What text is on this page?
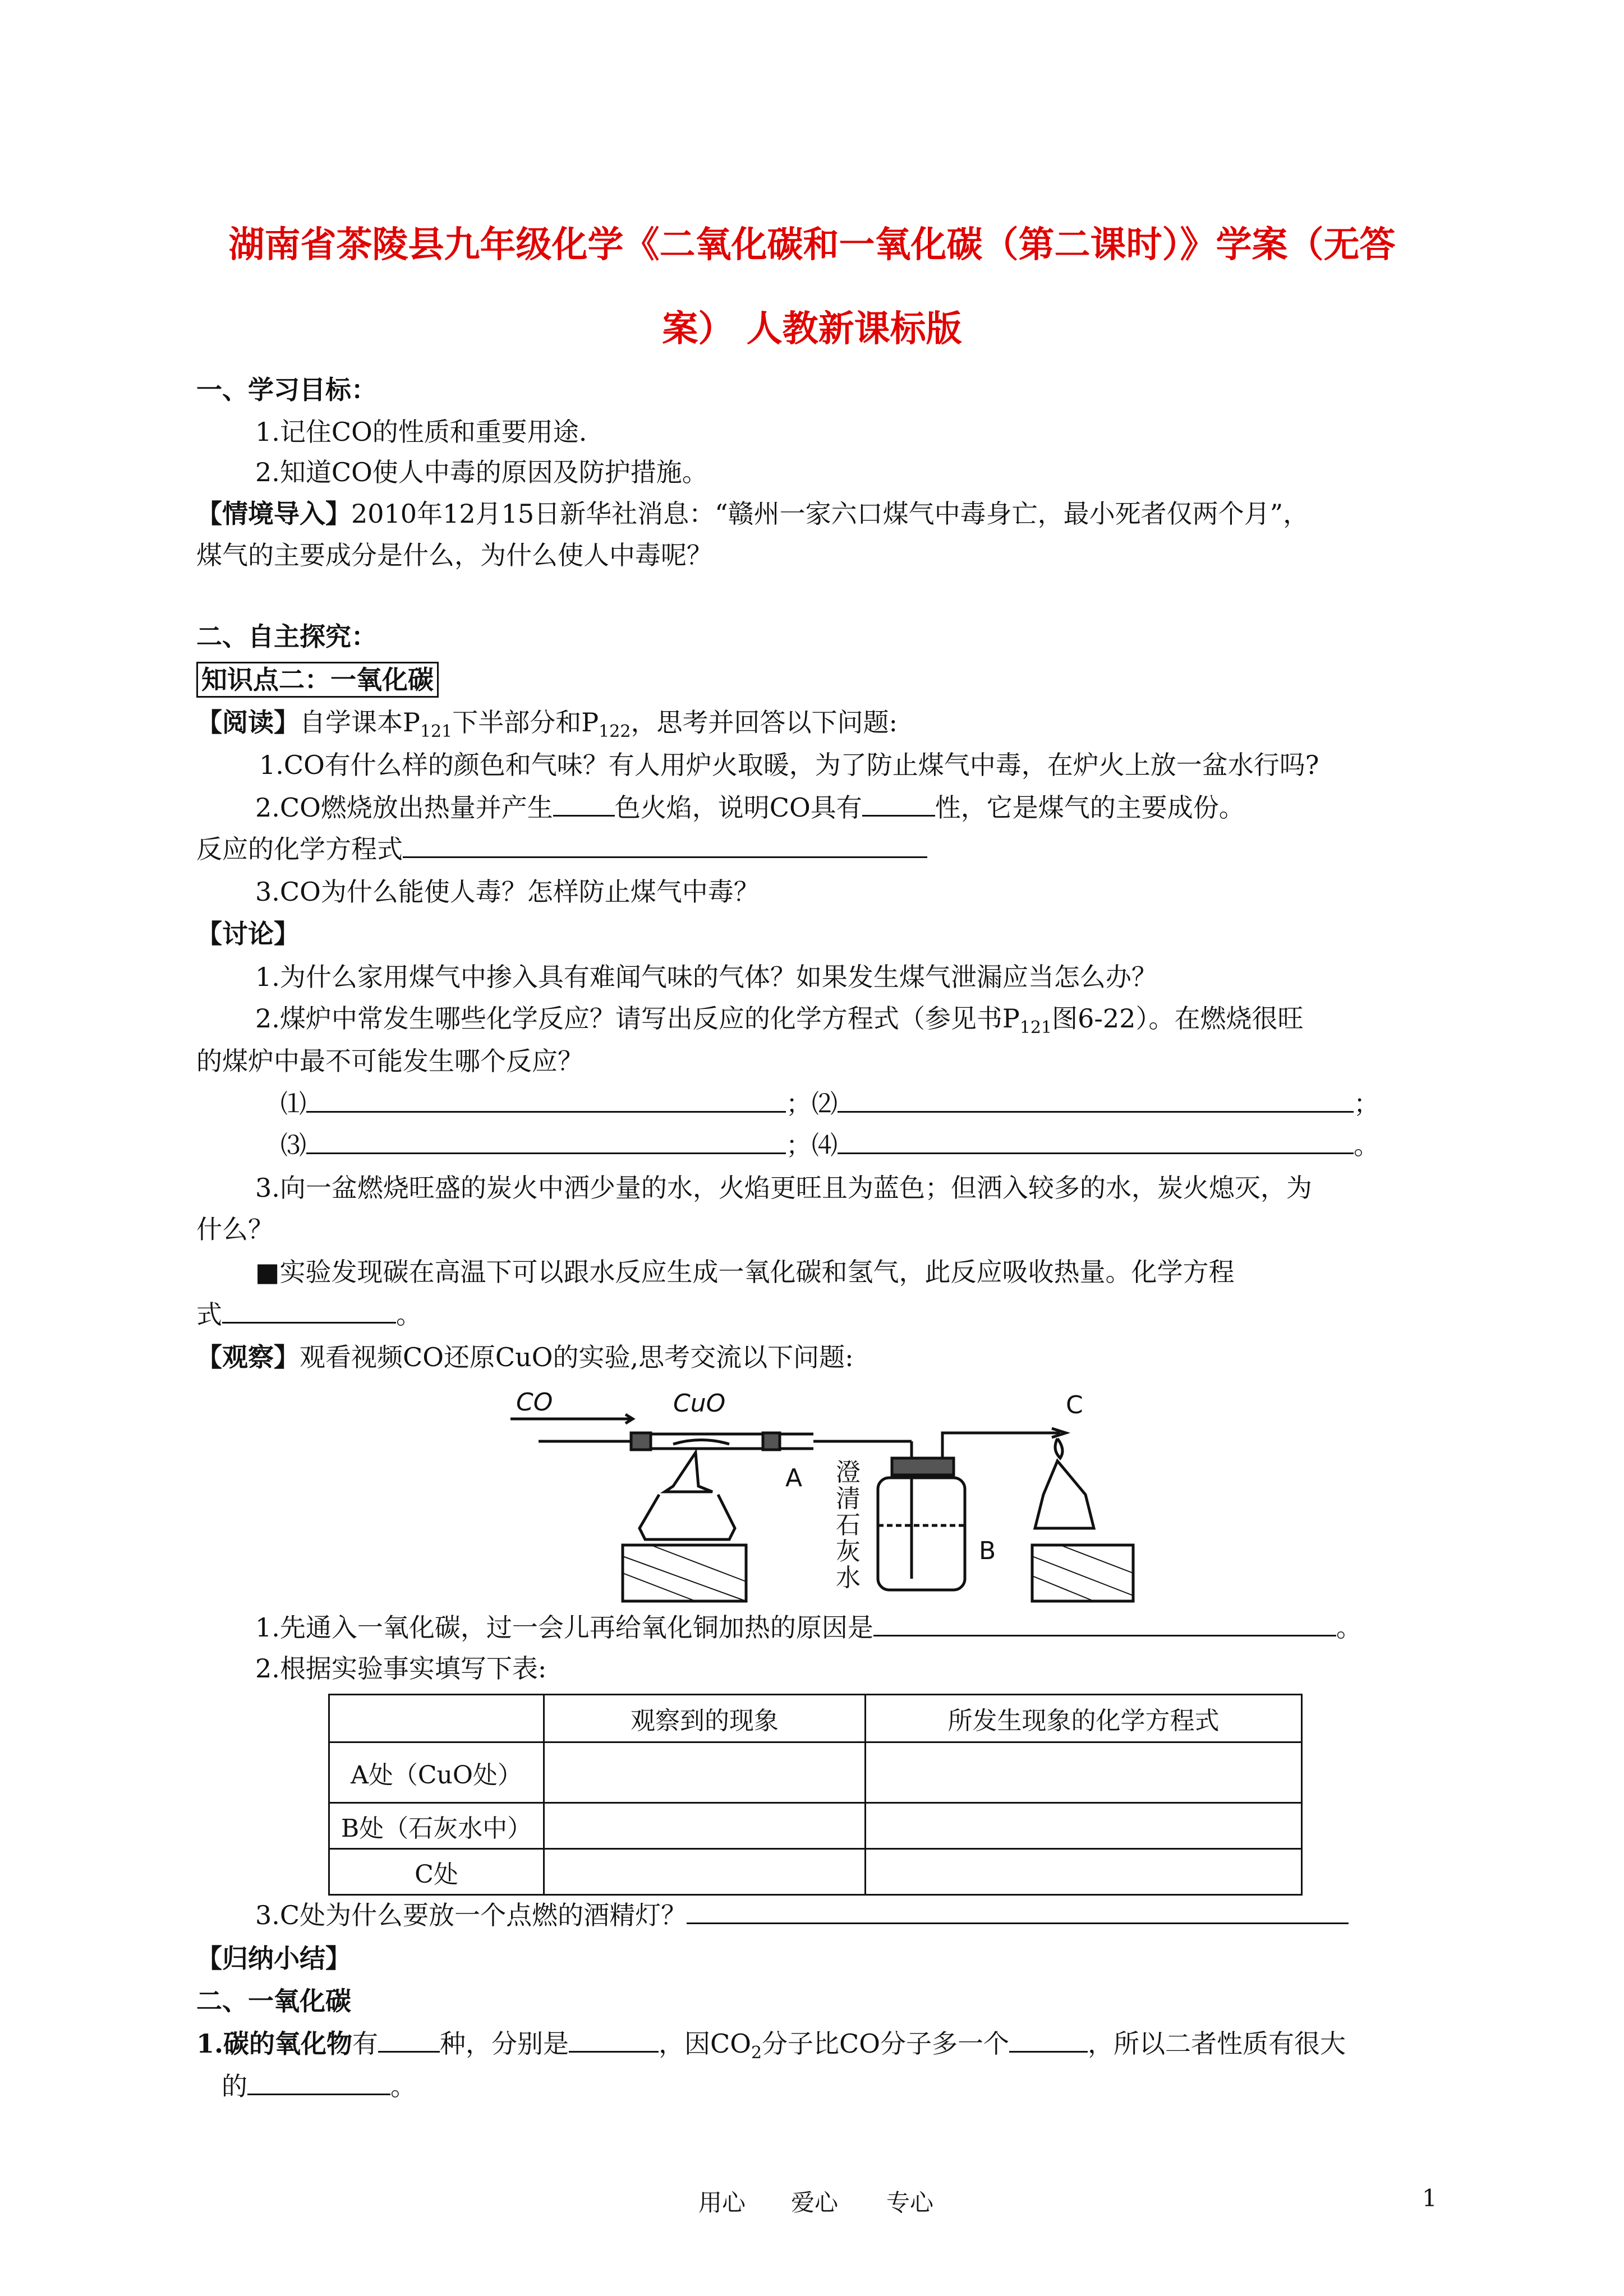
湖南省茶陵县九年级化学《二氧化碳和一氧化碳（第二课时）》学案（无答
案） 人教新课标版
一、学习目标：
1.记住CO的性质和重要用途.
2.知道CO使人中毒的原因及防护措施。
【情境导入】2010年12月15日新华社消息：“赣州一家六口煤气中毒身亡，最小死者仅两个月”，
煤气的主要成分是什么，为什么使人中毒呢？
二、自主探究：
知识点二：一氧化碳
【阅读】自学课本$P_{121}$下半部分和$P_{122}$，思考并回答以下问题:
1.CO有什么样的颜色和气味？有人用炉火取暖，为了防止煤气中毒，在炉火上放一盆水行吗?
2.CO燃烧放出热量并产生 色火焰，说明CO具有	性，它是煤气的主要成份。
反应的化学方程式
3.CO为什么能使人毒？怎样防止煤气中毒？
【讨论】
1.为什么家用煤气中掺入具有难闻气味的气体？如果发生煤气泄漏应当怎么办？
2.煤炉中常发生哪些化学反应？请写出反应的化学方程式（参见书$P_{121}$图6-22）。在燃烧很旺
的煤炉中最不可能发生哪个反应？
⑴	；⑵	；
⑶	；⑷	。
3.向一盆燃烧旺盛的炭火中洒少量的水，火焰更旺且为蓝色；但洒入较多的水，炭火熄灭，为
什么？
■实验发现碳在高温下可以跟水反应生成一氧化碳和氢气，此反应吸收热量。化学方程
式	。
【观察】观看视频CO还原CuO的实验,思考交流以下问题:
CO	CuO
A
B
C
澄
清
石
灰
水
1.先通入一氧化碳，过一会儿再给氧化铜加热的原因是	。
2.根据实验事实填写下表:
	观察到的现象	所发生现象的化学方程式
A处（CuO处）		
B处（石灰水中）		
C处		
3.C处为什么要放一个点燃的酒精灯？
【归纳小结】
二、一氧化碳
1.碳的氧化物有 种，分别是	，因$CO_2$分子比CO分子多一个	，所以二者性质有很大
的	。
用心 爱心 专心	1
